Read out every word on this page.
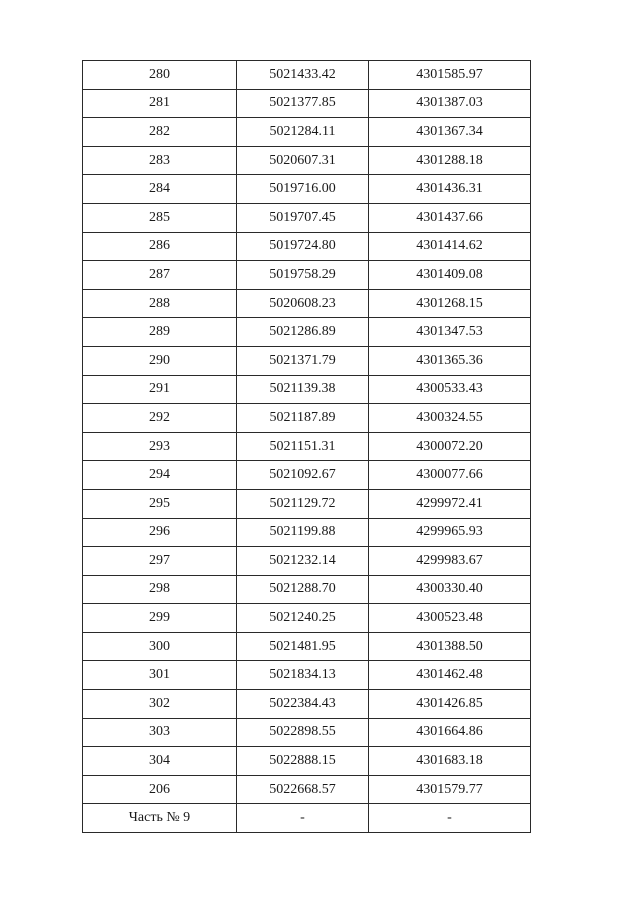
280	5021433.42	4301585.97
281	5021377.85	4301387.03
282	5021284.11	4301367.34
283	5020607.31	4301288.18
284	5019716.00	4301436.31
285	5019707.45	4301437.66
286	5019724.80	4301414.62
287	5019758.29	4301409.08
288	5020608.23	4301268.15
289	5021286.89	4301347.53
290	5021371.79	4301365.36
291	5021139.38	4300533.43
292	5021187.89	4300324.55
293	5021151.31	4300072.20
294	5021092.67	4300077.66
295	5021129.72	4299972.41
296	5021199.88	4299965.93
297	5021232.14	4299983.67
298	5021288.70	4300330.40
299	5021240.25	4300523.48
300	5021481.95	4301388.50
301	5021834.13	4301462.48
302	5022384.43	4301426.85
303	5022898.55	4301664.86
304	5022888.15	4301683.18
206	5022668.57	4301579.77
Часть № 9	-	-
